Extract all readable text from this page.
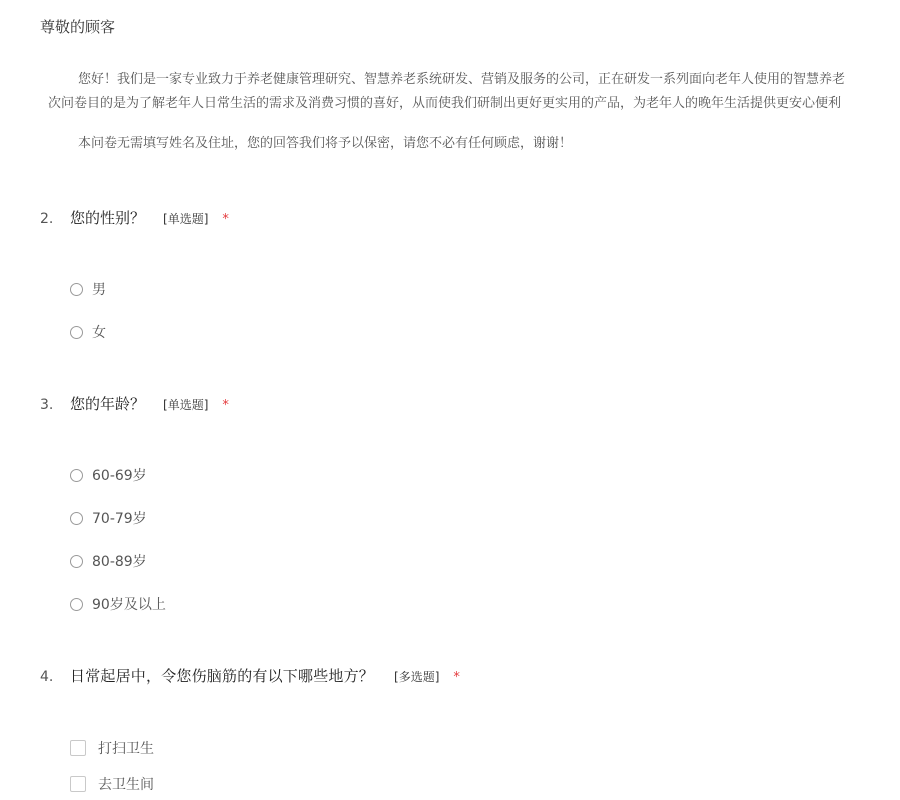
尊敬的顾客
您好！我们是一家专业致力于养老健康管理研究、智慧养老系统研发、营销及服务的公司，正在研发一系列面向老年人使用的智慧养老
次问卷目的是为了解老年人日常生活的需求及消费习惯的喜好，从而使我们研制出更好更实用的产品，为老年人的晚年生活提供更安心便利
本问卷无需填写姓名及住址，您的回答我们将予以保密，请您不必有任何顾虑，谢谢！
2.	您的性别？ [单选题] *
男
女
3.	您的年龄？ [单选题] *
60-69岁
70-79岁
80-89岁
90岁及以上
4.	日常起居中，令您伤脑筋的有以下哪些地方？ [多选题] *
打扫卫生
去卫生间
